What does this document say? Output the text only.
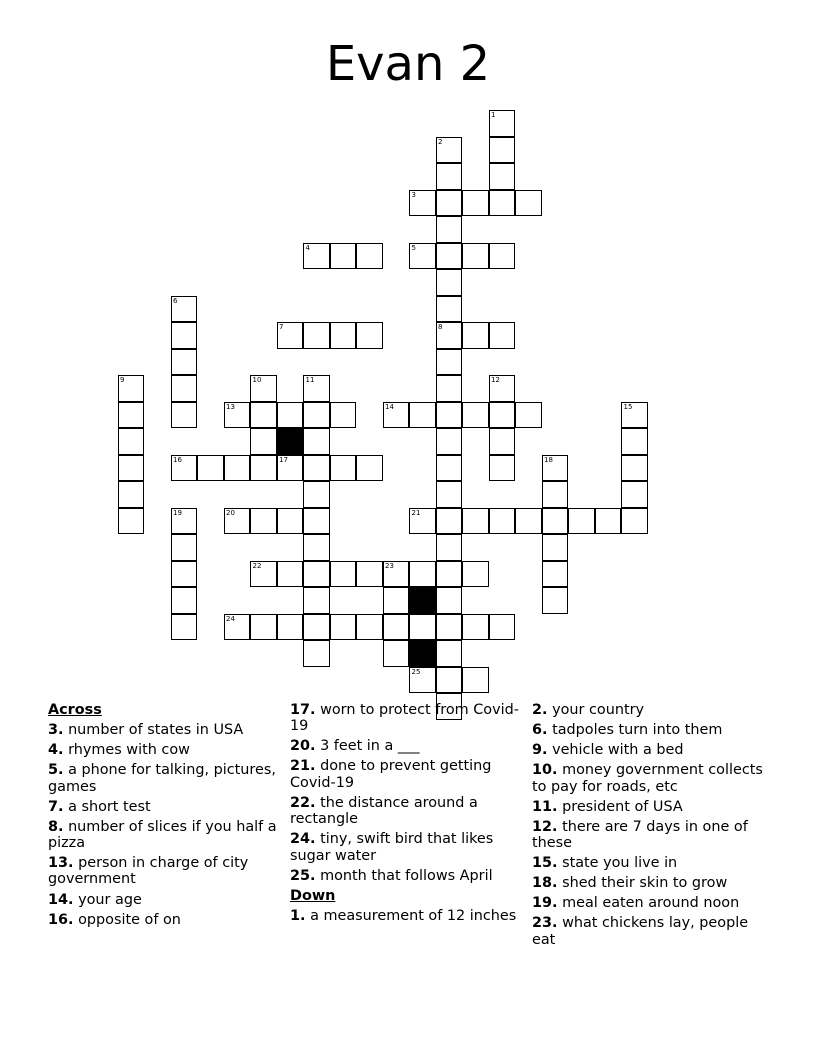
Evan 2
1
2
8
3
4	5
6
7
9	10	11	12
13	14	15
16	17	18
19	20	21
22	23
24
25
Across
3. number of states in USA
4. rhymes with cow
5. a phone for talking, pictures, games
7. a short test
8. number of slices if you half a pizza
13. person in charge of city government
14. your age
16. opposite of on
17. worn to protect from Covid-19
20. 3 feet in a ___
21. done to prevent getting Covid-19
22. the distance around a rectangle
24. tiny, swift bird that likes sugar water
25. month that follows April
Down
1. a measurement of 12 inches
2. your country
6. tadpoles turn into them
9. vehicle with a bed
10. money government collects to pay for roads, etc
11. president of USA
12. there are 7 days in one of these
15. state you live in
18. shed their skin to grow
19. meal eaten around noon
23. what chickens lay, people eat
